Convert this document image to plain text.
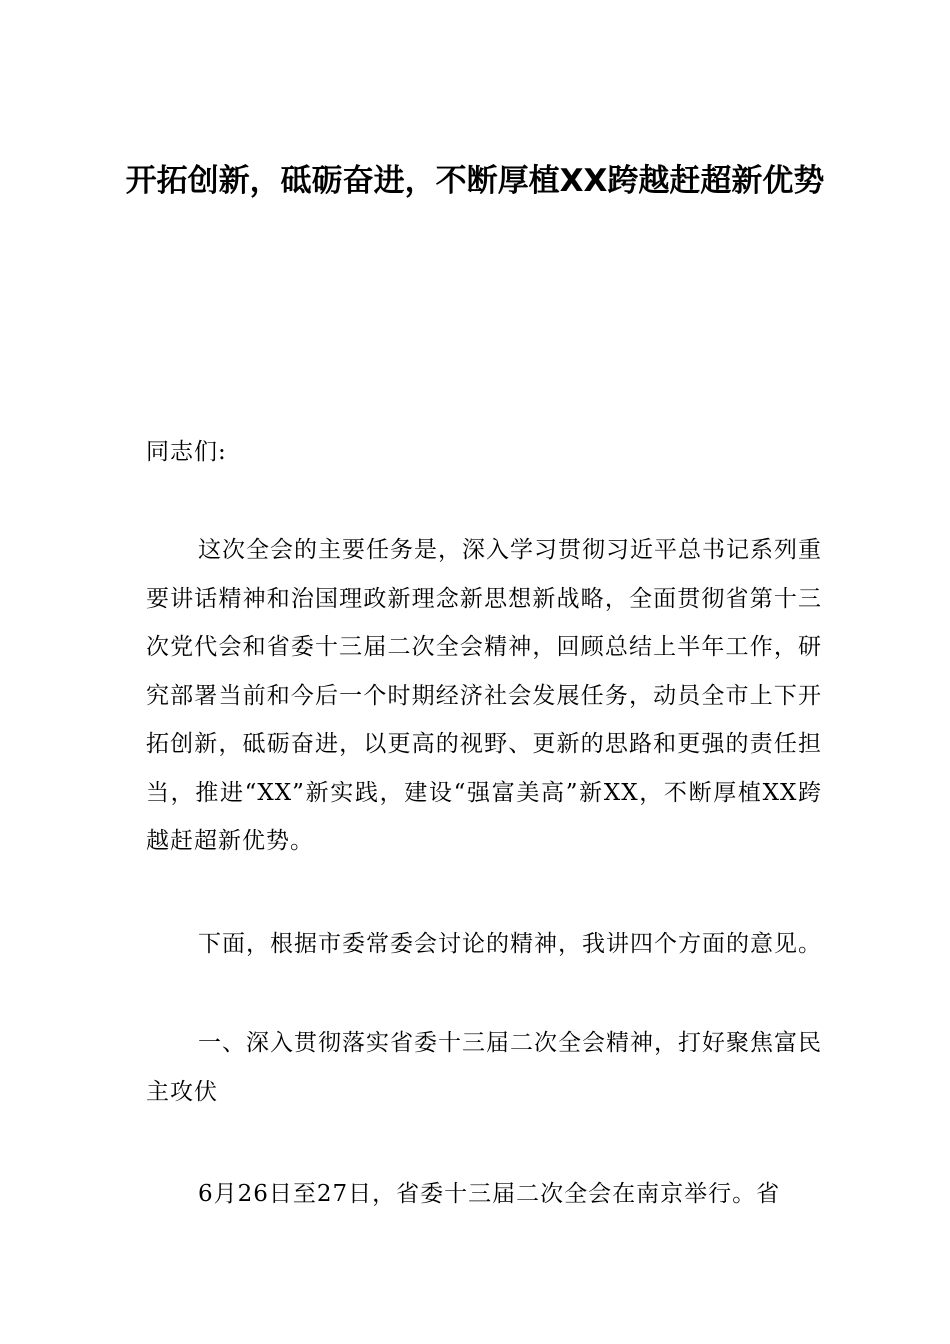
开拓创新，砥砺奋进，不断厚植XX跨越赶超新优势

同志们:

这次全会的主要任务是，深入学习贯彻习近平总书记系列重要讲话精神和治国理政新理念新思想新战略，全面贯彻省第十三次党代会和省委十三届二次全会精神，回顾总结上半年工作，研究部署当前和今后一个时期经济社会发展任务，动员全市上下开拓创新，砥砺奋进，以更高的视野、更新的思路和更强的责任担当，推进“XX”新实践，建设“强富美高”新XX，不断厚植XX跨越赶超新优势。

下面，根据市委常委会讨论的精神，我讲四个方面的意见。

一、深入贯彻落实省委十三届二次全会精神，打好聚焦富民主攻伏

6月26日至27日，省委十三届二次全会在南京举行。省
